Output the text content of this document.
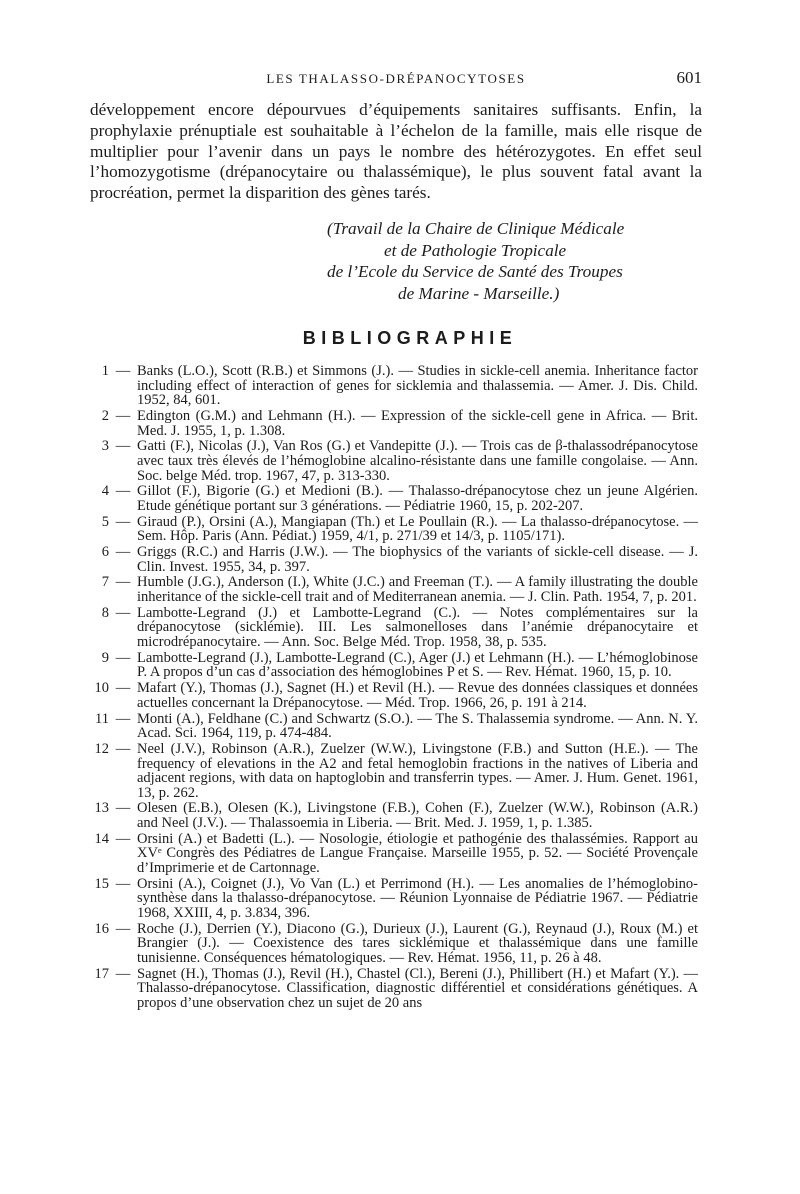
LES THALASSO-DRÉPANOCYTOSES	601

développement encore dépourvues d’équipements sanitaires suffisants. Enfin, la prophylaxie prénuptiale est souhaitable à l’échelon de la famille, mais elle risque de multiplier pour l’avenir dans un pays le nombre des hétérozygotes. En effet seul l’homozygotisme (drépanocytaire ou thalassémique), le plus souvent fatal avant la procréation, permet la disparition des gènes tarés.

(Travail de la Chaire de Clinique Médicale
et de Pathologie Tropicale
de l’Ecole du Service de Santé des Troupes
de Marine - Marseille.)
BIBLIOGRAPHIE
1 — Banks (L.O.), Scott (R.B.) et Simmons (J.). — Studies in sickle-cell anemia. Inheritance factor including effect of interaction of genes for sicklemia and thalassemia. — Amer. J. Dis. Child. 1952, 84, 601.
2 — Edington (G.M.) and Lehmann (H.). — Expression of the sickle-cell gene in Africa. — Brit. Med. J. 1955, 1, p. 1.308.
3 — Gatti (F.), Nicolas (J.), Van Ros (G.) et Vandepitte (J.). — Trois cas de β-thalassodrépanocytose avec taux très élevés de l’hémoglobine alcalino-résistante dans une famille congolaise. — Ann. Soc. belge Méd. trop. 1967, 47, p. 313-330.
4 — Gillot (F.), Bigorie (G.) et Medioni (B.). — Thalasso-drépanocytose chez un jeune Algérien. Etude génétique portant sur 3 générations. — Pédiatrie 1960, 15, p. 202-207.
5 — Giraud (P.), Orsini (A.), Mangiapan (Th.) et Le Poullain (R.). — La thalasso-drépanocytose. — Sem. Hôp. Paris (Ann. Pédiat.) 1959, 4/1, p. 271/39 et 14/3, p. 1105/171).
6 — Griggs (R.C.) and Harris (J.W.). — The biophysics of the variants of sickle-cell disease. — J. Clin. Invest. 1955, 34, p. 397.
7 — Humble (J.G.), Anderson (I.), White (J.C.) and Freeman (T.). — A family illustrating the double inheritance of the sickle-cell trait and of Mediterranean anemia. — J. Clin. Path. 1954, 7, p. 201.
8 — Lambotte-Legrand (J.) et Lambotte-Legrand (C.). — Notes complémentaires sur la drépanocytose (sicklémie). III. Les salmonelloses dans l’anémie drépanocytaire et microdrépanocytaire. — Ann. Soc. Belge Méd. Trop. 1958, 38, p. 535.
9 — Lambotte-Legrand (J.), Lambotte-Legrand (C.), Ager (J.) et Lehmann (H.). — L’hémoglobinose P. A propos d’un cas d’association des hémoglobines P et S. — Rev. Hémat. 1960, 15, p. 10.
10 — Mafart (Y.), Thomas (J.), Sagnet (H.) et Revil (H.). — Revue des données classiques et données actuelles concernant la Drépanocytose. — Méd. Trop. 1966, 26, p. 191 à 214.
11 — Monti (A.), Feldhane (C.) and Schwartz (S.O.). — The S. Thalassemia syndrome. — Ann. N. Y. Acad. Sci. 1964, 119, p. 474-484.
12 — Neel (J.V.), Robinson (A.R.), Zuelzer (W.W.), Livingstone (F.B.) and Sutton (H.E.). — The frequency of elevations in the A2 and fetal hemoglobin fractions in the natives of Liberia and adjacent regions, with data on haptoglobin and transferrin types. — Amer. J. Hum. Genet. 1961, 13, p. 262.
13 — Olesen (E.B.), Olesen (K.), Livingstone (F.B.), Cohen (F.), Zuelzer (W.W.), Robinson (A.R.) and Neel (J.V.). — Thalassoemia in Liberia. — Brit. Med. J. 1959, 1, p. 1.385.
14 — Orsini (A.) et Badetti (L.). — Nosologie, étiologie et pathogénie des thalassémies. Rapport au XVᵉ Congrès des Pédiatres de Langue Française. Marseille 1955, p. 52. — Société Provençale d’Imprimerie et de Cartonnage.
15 — Orsini (A.), Coignet (J.), Vo Van (L.) et Perrimond (H.). — Les anomalies de l’hémoglobino-synthèse dans la thalasso-drépanocytose. — Réunion Lyonnaise de Pédiatrie 1967. — Pédiatrie 1968, XXIII, 4, p. 3.834, 396.
16 — Roche (J.), Derrien (Y.), Diacono (G.), Durieux (J.), Laurent (G.), Reynaud (J.), Roux (M.) et Brangier (J.). — Coexistence des tares sicklémique et thalassémique dans une famille tunisienne. Conséquences hématologiques. — Rev. Hémat. 1956, 11, p. 26 à 48.
17 — Sagnet (H.), Thomas (J.), Revil (H.), Chastel (Cl.), Bereni (J.), Phillibert (H.) et Mafart (Y.). — Thalasso-drépanocytose. Classification, diagnostic différentiel et considérations génétiques. A propos d’une observation chez un sujet de 20 ans
